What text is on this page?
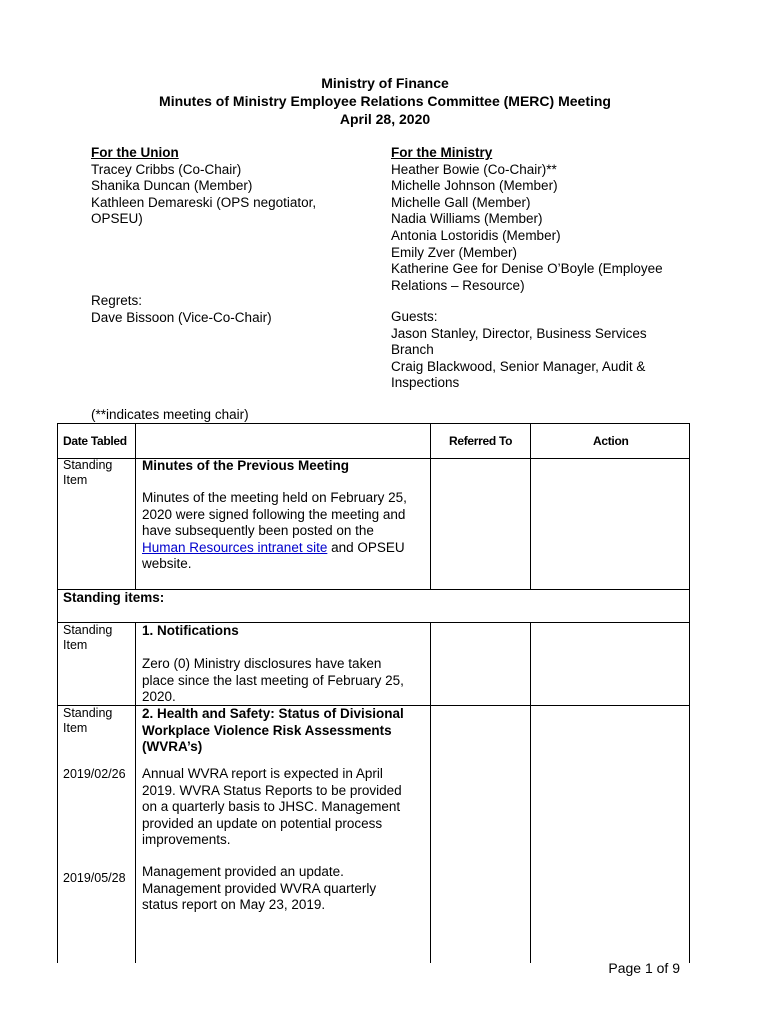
Ministry of Finance
Minutes of Ministry Employee Relations Committee (MERC) Meeting
April 28, 2020
For the Union
Tracey Cribbs (Co-Chair)
Shanika Duncan (Member)
Kathleen Demareski (OPS negotiator,
OPSEU)
Regrets:
Dave Bissoon (Vice-Co-Chair)
For the Ministry
Heather Bowie (Co-Chair)**
Michelle Johnson (Member)
Michelle Gall (Member)
Nadia Williams (Member)
Antonia Lostoridis (Member)
Emily Zver (Member)
Katherine Gee for Denise O’Boyle (Employee
Relations – Resource)
Guests:
Jason Stanley, Director, Business Services
Branch
Craig Blackwood, Senior Manager, Audit &
Inspections
(**indicates meeting chair)
Date Tabled	Referred To	Action
Standing
Item
Minutes of the Previous Meeting
Minutes of the meeting held on February 25,
2020 were signed following the meeting and
have subsequently been posted on the
Human Resources intranet site and OPSEU
website.
Standing items:
Standing
Item
1. Notifications
Zero (0) Ministry disclosures have taken
place since the last meeting of February 25,
2020.
Standing
Item
2. Health and Safety: Status of Divisional
Workplace Violence Risk Assessments
(WVRA’s)
2019/02/26 Annual WVRA report is expected in April
2019. WVRA Status Reports to be provided
on a quarterly basis to JHSC. Management
provided an update on potential process
improvements.
2019/05/28 Management provided an update.
Management provided WVRA quarterly
status report on May 23, 2019.
Page 1 of 9
